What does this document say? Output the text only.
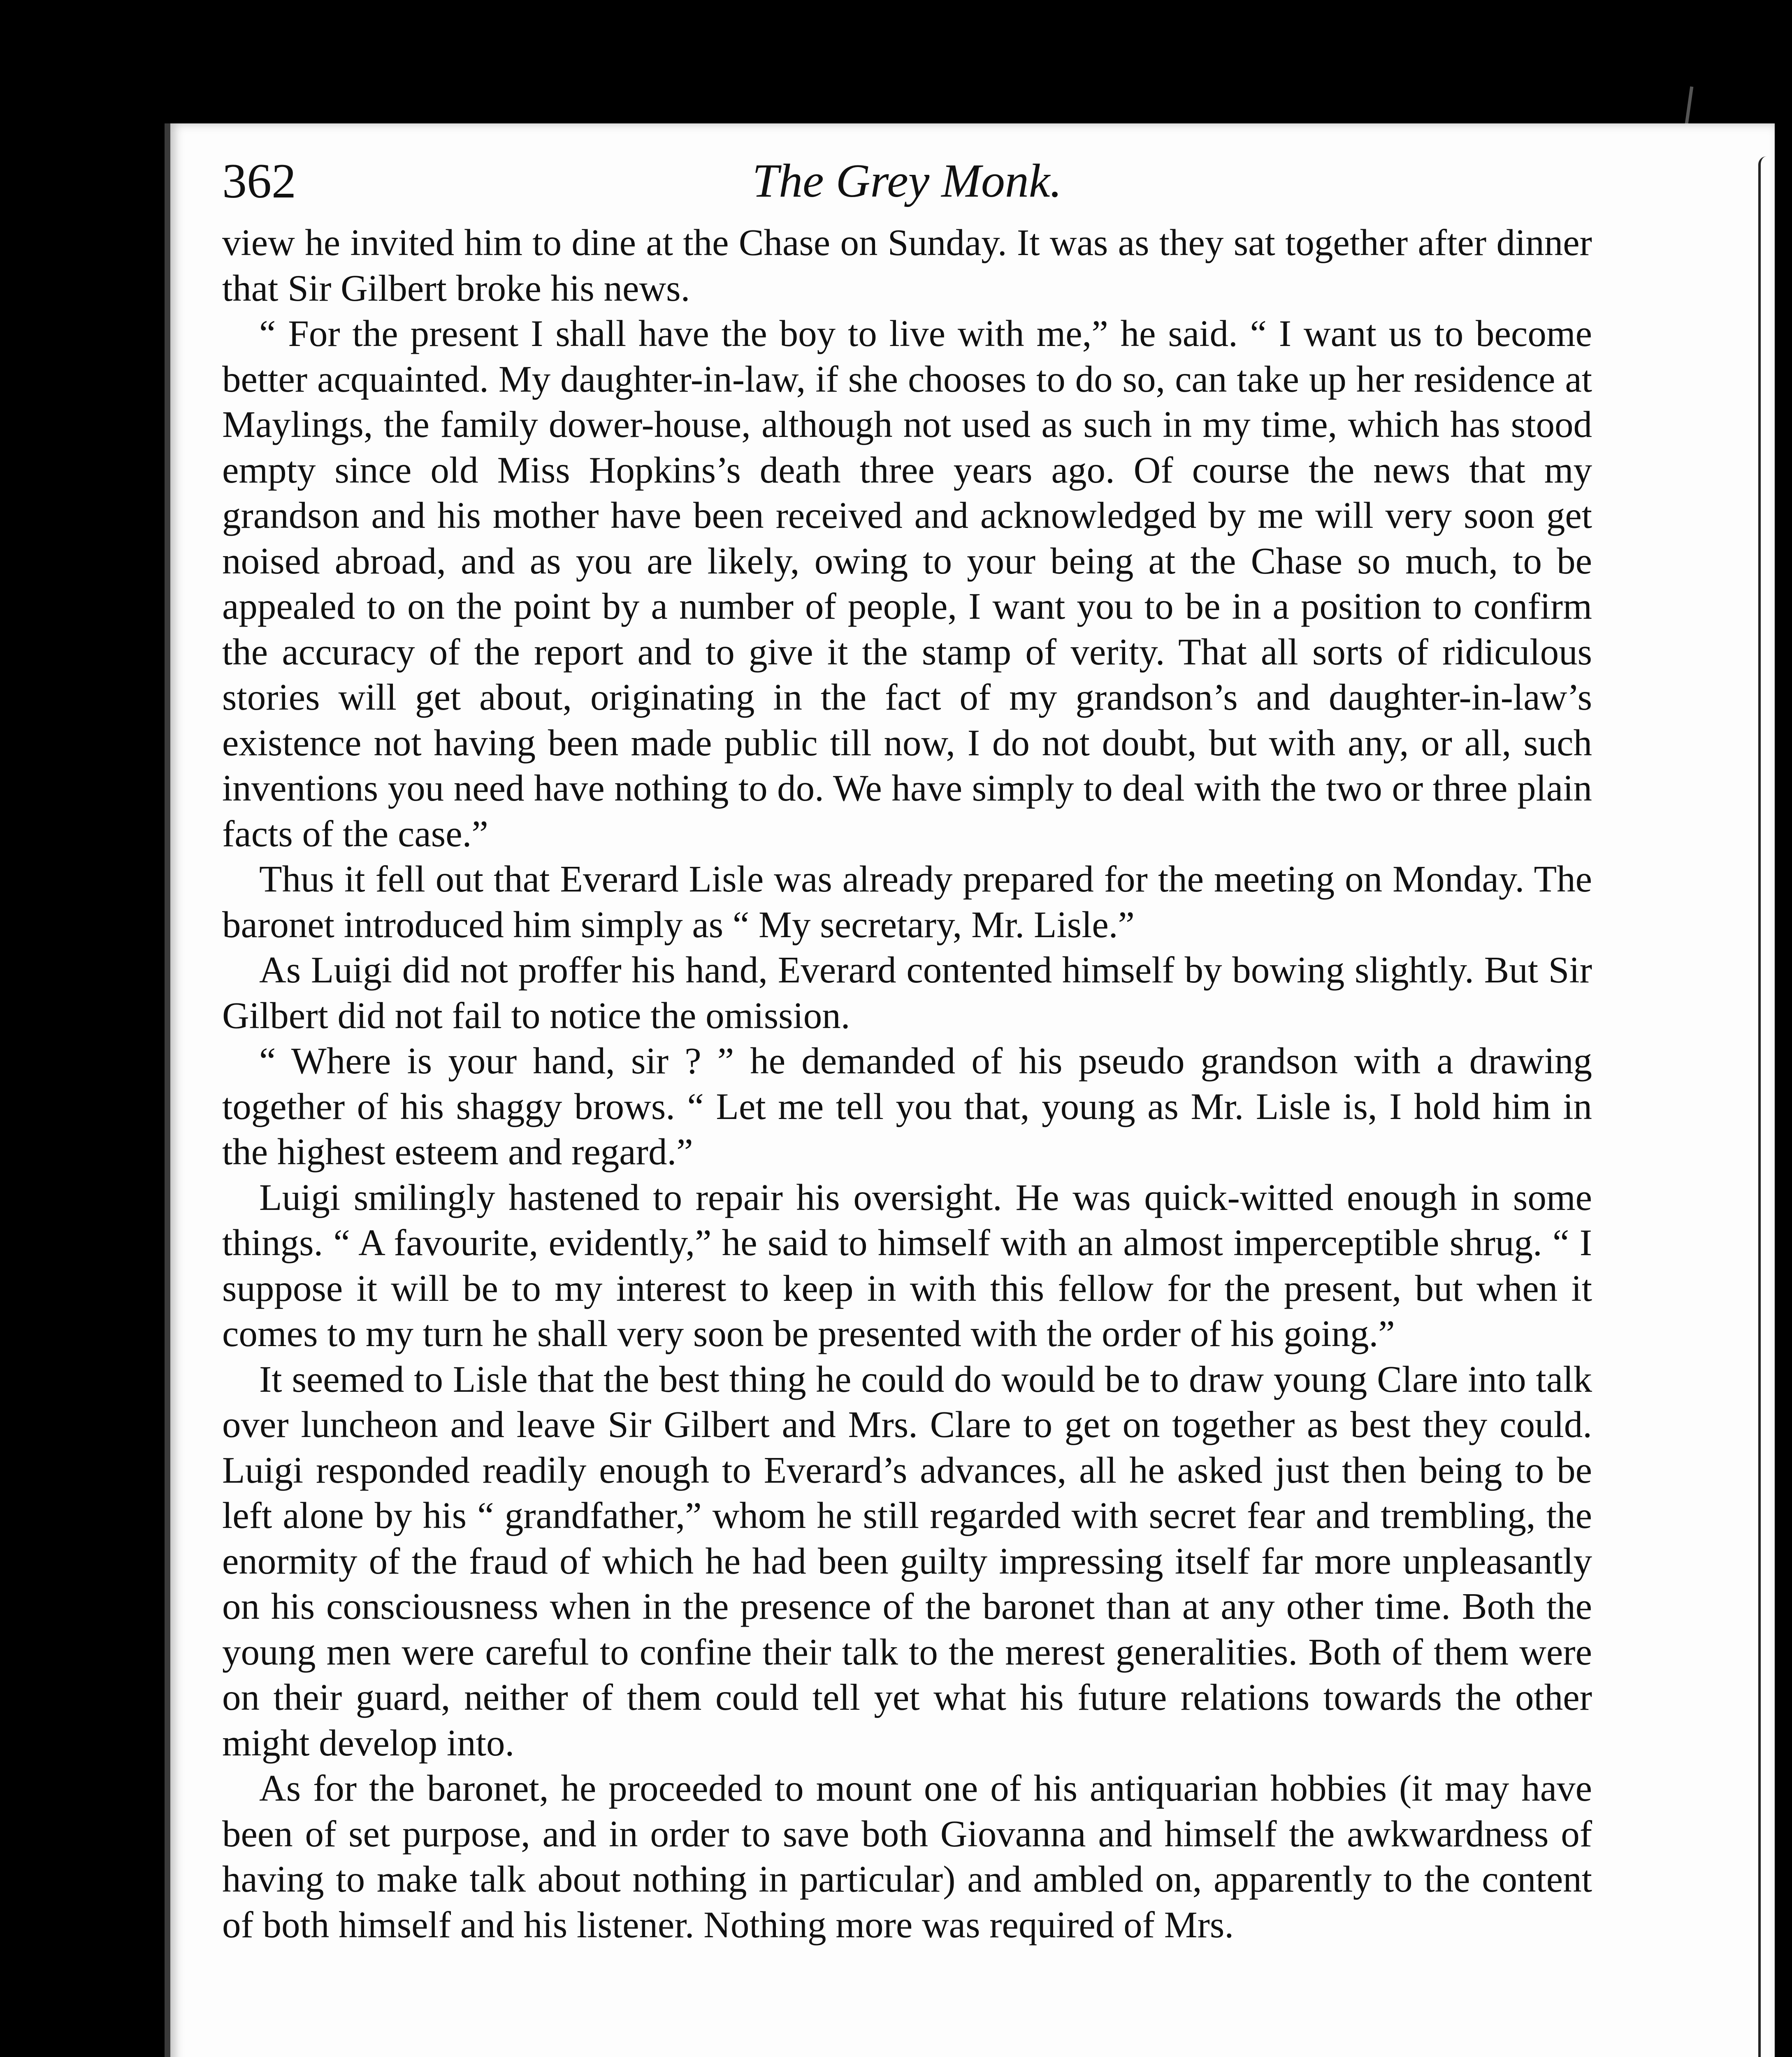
362	The Grey Monk.

view he invited him to dine at the Chase on Sunday. It was as they sat together after dinner that Sir Gilbert broke his news.

“ For the present I shall have the boy to live with me,” he said. “ I want us to become better acquainted. My daughter-in-law, if she chooses to do so, can take up her residence at Maylings, the family dower-house, although not used as such in my time, which has stood empty since old Miss Hopkins’s death three years ago. Of course the news that my grandson and his mother have been received and acknowledged by me will very soon get noised abroad, and as you are likely, owing to your being at the Chase so much, to be appealed to on the point by a number of people, I want you to be in a position to confirm the accuracy of the report and to give it the stamp of verity. That all sorts of ridiculous stories will get about, originating in the fact of my grandson’s and daughter-in-law’s existence not having been made public till now, I do not doubt, but with any, or all, such inventions you need have nothing to do. We have simply to deal with the two or three plain facts of the case.”

Thus it fell out that Everard Lisle was already prepared for the meeting on Monday. The baronet introduced him simply as “ My secretary, Mr. Lisle.”

As Luigi did not proffer his hand, Everard contented himself by bowing slightly. But Sir Gilbert did not fail to notice the omission.

“ Where is your hand, sir ? ” he demanded of his pseudo grandson with a drawing together of his shaggy brows. “ Let me tell you that, young as Mr. Lisle is, I hold him in the highest esteem and regard.”

Luigi smilingly hastened to repair his oversight. He was quick-witted enough in some things. “ A favourite, evidently,” he said to himself with an almost imperceptible shrug. “ I suppose it will be to my interest to keep in with this fellow for the present, but when it comes to my turn he shall very soon be presented with the order of his going.”

It seemed to Lisle that the best thing he could do would be to draw young Clare into talk over luncheon and leave Sir Gilbert and Mrs. Clare to get on together as best they could. Luigi responded readily enough to Everard’s advances, all he asked just then being to be left alone by his “ grandfather,” whom he still regarded with secret fear and trembling, the enormity of the fraud of which he had been guilty impressing itself far more unpleasantly on his consciousness when in the presence of the baronet than at any other time. Both the young men were careful to confine their talk to the merest generalities. Both of them were on their guard, neither of them could tell yet what his future relations towards the other might develop into.

As for the baronet, he proceeded to mount one of his antiquarian hobbies (it may have been of set purpose, and in order to save both Giovanna and himself the awkwardness of having to make talk about nothing in particular) and ambled on, apparently to the content of both himself and his listener. Nothing more was required of Mrs.
